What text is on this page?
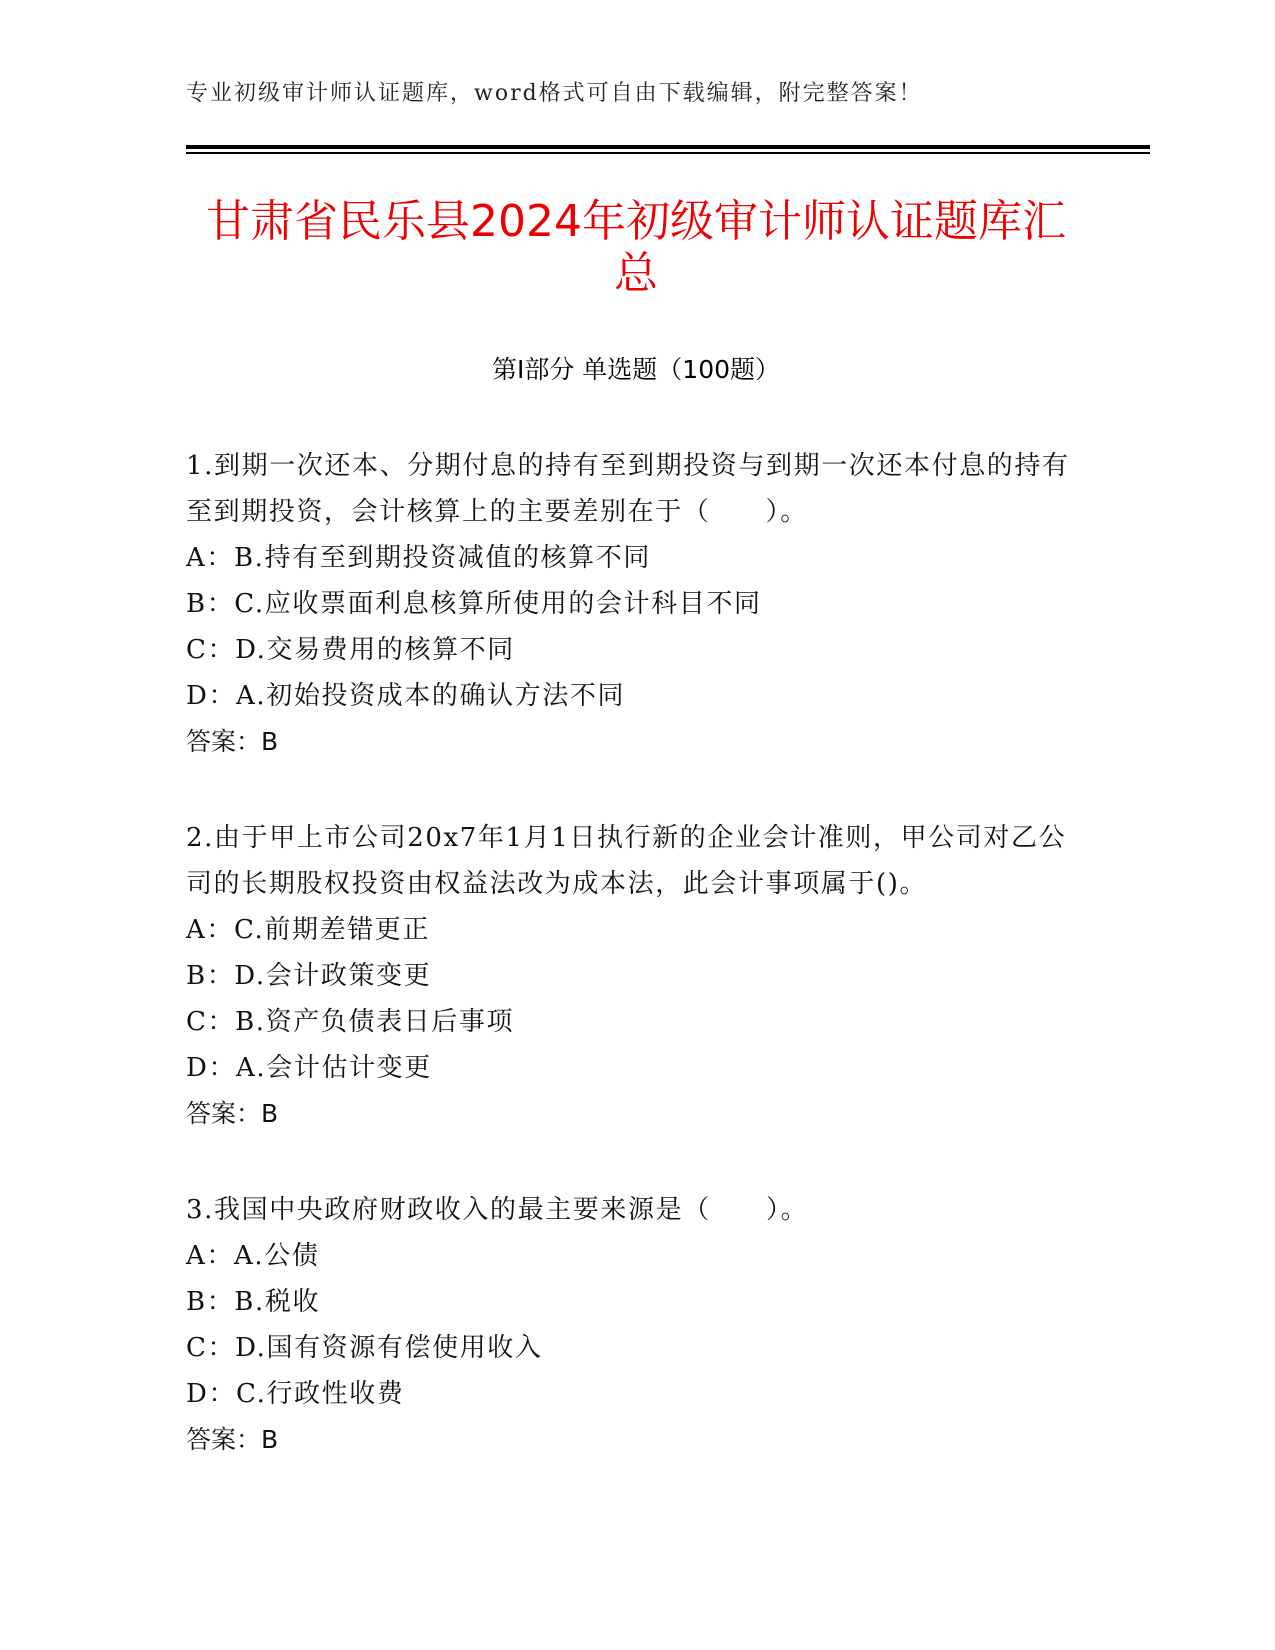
专业初级审计师认证题库，word格式可自由下载编辑，附完整答案！
甘肃省民乐县2024年初级审计师认证题库汇总
第I部分 单选题（100题）
1.到期一次还本、分期付息的持有至到期投资与到期一次还本付息的持有至到期投资，会计核算上的主要差别在于（　　）。
A：B.持有至到期投资减值的核算不同
B：C.应收票面利息核算所使用的会计科目不同
C：D.交易费用的核算不同
D：A.初始投资成本的确认方法不同
答案：B
2.由于甲上市公司20x7年1月1日执行新的企业会计准则，甲公司对乙公司的长期股权投资由权益法改为成本法，此会计事项属于()。
A：C.前期差错更正
B：D.会计政策变更
C：B.资产负债表日后事项
D：A.会计估计变更
答案：B
3.我国中央政府财政收入的最主要来源是（　　）。
A：A.公债
B：B.税收
C：D.国有资源有偿使用收入
D：C.行政性收费
答案：B
